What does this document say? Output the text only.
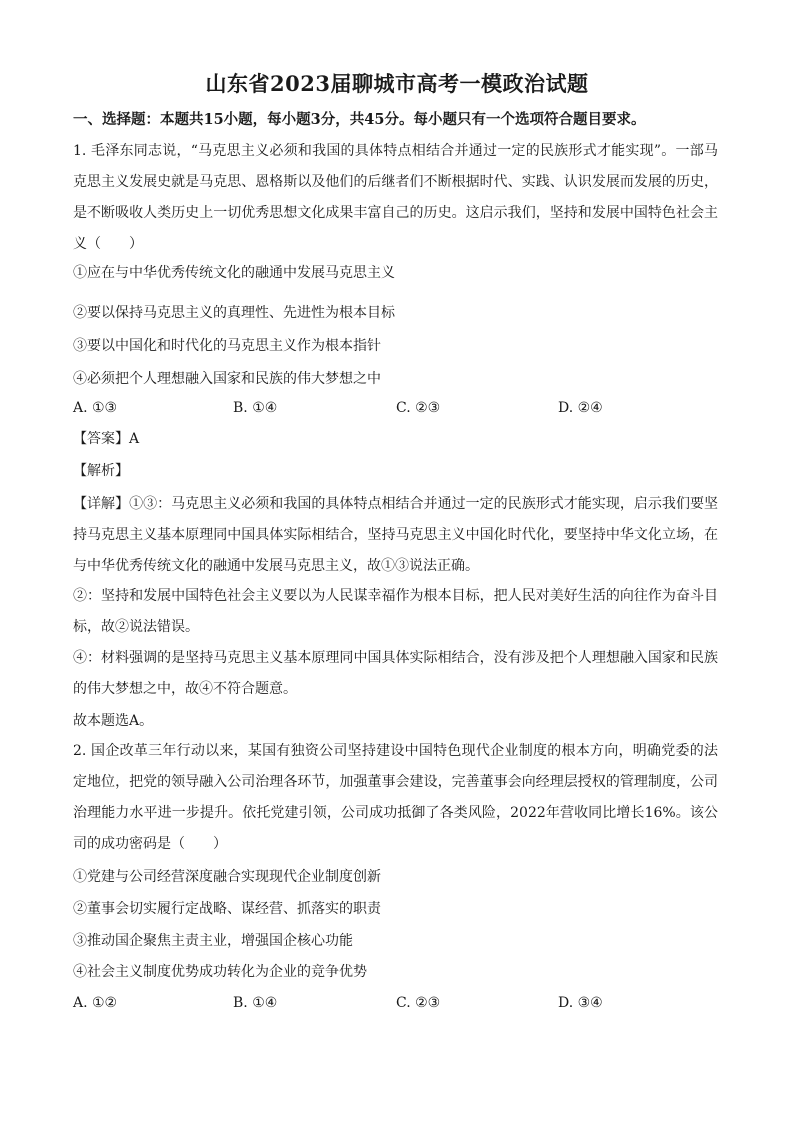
山东省2023届聊城市高考一模政治试题
一、选择题：本题共15小题，每小题3分，共45分。每小题只有一个选项符合题目要求。
1. 毛泽东同志说，“马克思主义必须和我国的具体特点相结合并通过一定的民族形式才能实现”。一部马克思主义发展史就是马克思、恩格斯以及他们的后继者们不断根据时代、实践、认识发展而发展的历史，是不断吸收人类历史上一切优秀思想文化成果丰富自己的历史。这启示我们，坚持和发展中国特色社会主义（　　）
①应在与中华优秀传统文化的融通中发展马克思主义
②要以保持马克思主义的真理性、先进性为根本目标
③要以中国化和时代化的马克思主义作为根本指针
④必须把个人理想融入国家和民族的伟大梦想之中
A. ①③	B. ①④	C. ②③	D. ②④
【答案】A
【解析】
【详解】①③：马克思主义必须和我国的具体特点相结合并通过一定的民族形式才能实现，启示我们要坚持马克思主义基本原理同中国具体实际相结合，坚持马克思主义中国化时代化，要坚持中华文化立场，在与中华优秀传统文化的融通中发展马克思主义，故①③说法正确。
②：坚持和发展中国特色社会主义要以为人民谋幸福作为根本目标，把人民对美好生活的向往作为奋斗目标，故②说法错误。
④：材料强调的是坚持马克思主义基本原理同中国具体实际相结合，没有涉及把个人理想融入国家和民族的伟大梦想之中，故④不符合题意。
故本题选A。
2. 国企改革三年行动以来，某国有独资公司坚持建设中国特色现代企业制度的根本方向，明确党委的法定地位，把党的领导融入公司治理各环节，加强董事会建设，完善董事会向经理层授权的管理制度，公司治理能力水平进一步提升。依托党建引领，公司成功抵御了各类风险，2022年营收同比增长16%。该公司的成功密码是（　　）
①党建与公司经营深度融合实现现代企业制度创新
②董事会切实履行定战略、谋经营、抓落实的职责
③推动国企聚焦主责主业，增强国企核心功能
④社会主义制度优势成功转化为企业的竞争优势
A. ①②	B. ①④	C. ②③	D. ③④
